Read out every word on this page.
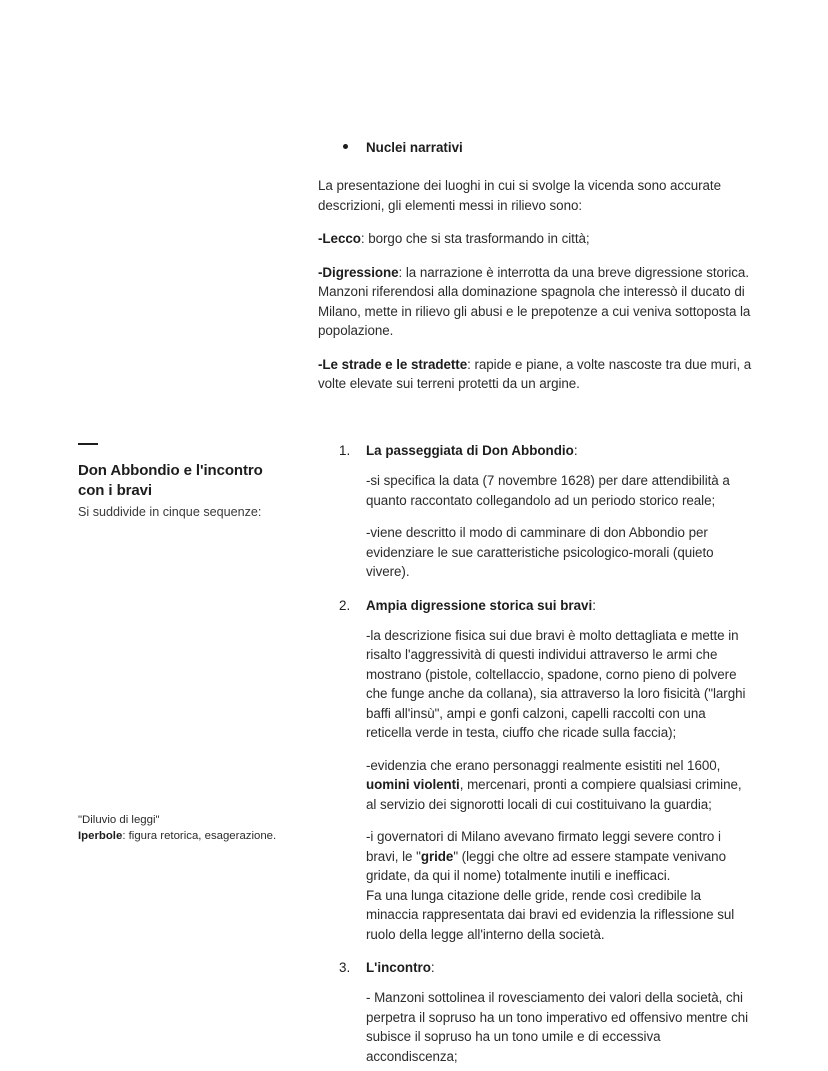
Nuclei narrativi

La presentazione dei luoghi in cui si svolge la vicenda sono accurate descrizioni, gli elementi messi in rilievo sono:

-Lecco: borgo che si sta trasformando in città;

-Digressione: la narrazione è interrotta da una breve digressione storica. Manzoni riferendosi alla dominazione spagnola che interessò il ducato di Milano, mette in rilievo gli abusi e le prepotenze a cui veniva sottoposta la popolazione.

-Le strade e le stradette: rapide e piane, a volte nascoste tra due muri, a volte elevate sui terreni protetti da un argine.

Don Abbondio e l'incontro con i bravi

Si suddivide in cinque sequenze:

"Diluvio di leggi"
Iperbole: figura retorica, esagerazione.
1. La passeggiata di Don Abbondio:

-si specifica la data (7 novembre 1628) per dare attendibilità a quanto raccontato collegandolo ad un periodo storico reale;

-viene descritto il modo di camminare di don Abbondio per evidenziare le sue caratteristiche psicologico-morali (quieto vivere).

2. Ampia digressione storica sui bravi:

-la descrizione fisica sui due bravi è molto dettagliata e mette in risalto l'aggressività di questi individui attraverso le armi che mostrano (pistole, coltellaccio, spadone, corno pieno di polvere che funge anche da collana), sia attraverso la loro fisicità ("larghi baffi all'insù", ampi e gonfi calzoni, capelli raccolti con una reticella verde in testa, ciuffo che ricade sulla faccia);

-evidenzia che erano personaggi realmente esistiti nel 1600, uomini violenti, mercenari, pronti a compiere qualsiasi crimine, al servizio dei signorotti locali di cui costituivano la guardia;

-i governatori di Milano avevano firmato leggi severe contro i bravi, le "gride" (leggi che oltre ad essere stampate venivano gridate, da qui il nome) totalmente inutili e inefficaci.
Fa una lunga citazione delle gride, rende così credibile la minaccia rappresentata dai bravi ed evidenzia la riflessione sul ruolo della legge all'interno della società.

3. L'incontro:

- Manzoni sottolinea il rovesciamento dei valori della società, chi perpetra il sopruso ha un tono imperativo ed offensivo mentre chi subisce il sopruso ha un tono umile e di eccessiva accondiscenza;
